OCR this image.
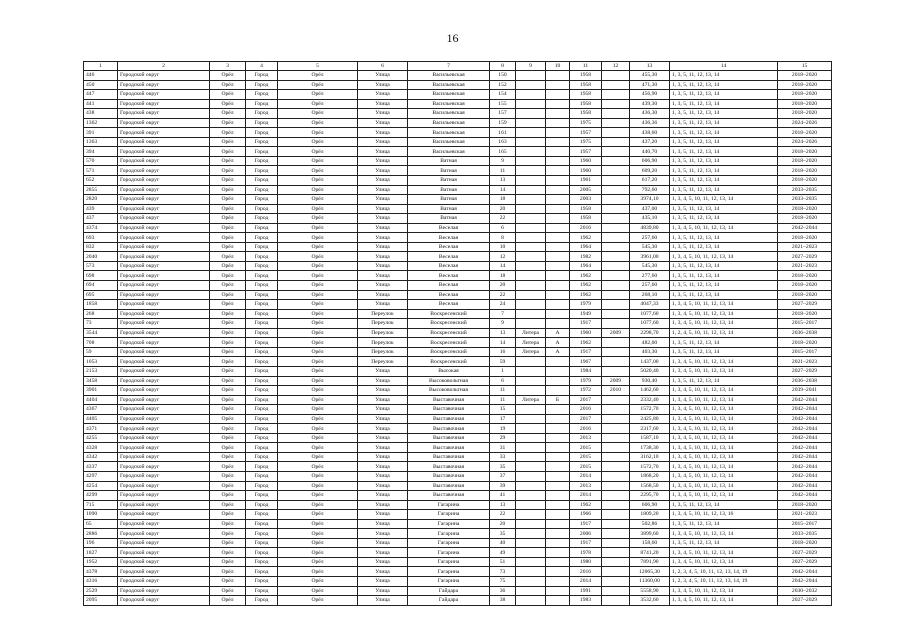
16
1	2	3	4	5	6	7	8	9	10	11	12	13	14	15
446	Городской округ	Орёл	Город	Орёл	Улица	Васильевская	150			1958		455,30	1, 3, 5, 11, 12, 13, 14	2018–2020
450	Городской округ	Орёл	Город	Орёл	Улица	Васильевская	152			1958		471,30	1, 3, 5, 11, 12, 13, 14	2018–2020
447	Городской округ	Орёл	Город	Орёл	Улица	Васильевская	154			1958		456,90	1, 3, 5, 11, 12, 13, 14	2018–2020
441	Городской округ	Орёл	Город	Орёл	Улица	Васильевская	155			1958		439,30	1, 3, 5, 11, 12, 13, 14	2018–2020
438	Городской округ	Орёл	Город	Орёл	Улица	Васильевская	157			1958		436,30	1, 3, 5, 11, 12, 13, 14	2018–2020
1362	Городской округ	Орёл	Город	Орёл	Улица	Васильевская	159			1975		436,36	1, 3, 5, 11, 12, 13, 14	2024–2026
391	Городской округ	Орёл	Город	Орёл	Улица	Васильевская	161			1957		438,60	1, 3, 5, 11, 12, 13, 14	2018–2020
1363	Городской округ	Орёл	Город	Орёл	Улица	Васильевская	163			1975		437,20	1, 3, 5, 11, 12, 13, 14	2024–2026
394	Городской округ	Орёл	Город	Орёл	Улица	Васильевская	165			1957		440,70	1, 3, 5, 11, 12, 13, 14	2018–2020
570	Городской округ	Орёл	Город	Орёл	Улица	Ватная	9			1960		606,90	1, 3, 5, 11, 12, 13, 14	2018–2020
571	Городской округ	Орёл	Город	Орёл	Улица	Ватная	11			1960		609,20	1, 3, 5, 11, 12, 13, 14	2018–2020
652	Городской округ	Орёл	Город	Орёл	Улица	Ватная	13			1961		617,20	1, 3, 5, 11, 12, 13, 14	2018–2020
2855	Городской округ	Орёл	Город	Орёл	Улица	Ватная	14			2005		792,60	1, 3, 5, 11, 12, 13, 14	2033–2035
2820	Городской округ	Орёл	Город	Орёл	Улица	Ватная	18			2003		3974,10	1, 3, 4, 5, 10, 11, 12, 13, 14	2033–2035
439	Городской округ	Орёл	Город	Орёл	Улица	Ватная	20			1958		437,00	1, 3, 5, 11, 12, 13, 14	2018–2020
437	Городской округ	Орёл	Город	Орёл	Улица	Ватная	22			1958		435,10	1, 3, 5, 11, 12, 13, 14	2018–2020
4374	Городской округ	Орёл	Город	Орёл	Улица	Веселая	6			2016		4839,80	1, 3, 4, 5, 10, 11, 12, 13, 14	2042–2044
693	Городской округ	Орёл	Город	Орёл	Улица	Веселая	8			1962		257,60	1, 3, 5, 11, 12, 13, 14	2018–2020
832	Городской округ	Орёл	Город	Орёл	Улица	Веселая	10			1964		545,30	1, 3, 5, 11, 12, 13, 14	2021–2023
2040	Городской округ	Орёл	Город	Орёл	Улица	Веселая	12			1982		3961,00	1, 3, 4, 5, 10, 11, 12, 13, 14	2027–2029
573	Городской округ	Орёл	Город	Орёл	Улица	Веселая	14			1964		545,30	1, 3, 5, 11, 12, 13, 14	2021–2023
698	Городской округ	Орёл	Город	Орёл	Улица	Веселая	18			1962		277,60	1, 3, 5, 11, 12, 13, 14	2018–2020
694	Городской округ	Орёл	Город	Орёл	Улица	Веселая	20			1962		257,60	1, 3, 5, 11, 12, 13, 14	2018–2020
695	Городской округ	Орёл	Город	Орёл	Улица	Веселая	22			1962		268,10	1, 3, 5, 11, 12, 13, 14	2018–2020
1858	Городской округ	Орёл	Город	Орёл	Улица	Веселая	24			1979		4047,33	1, 3, 4, 5, 10, 11, 12, 13, 14	2027–2029
268	Городской округ	Орёл	Город	Орёл	Переулок	Воскресенский	7			1949		1077,60	1, 3, 4, 5, 10, 11, 12, 13, 14	2018–2020
73	Городской округ	Орёл	Город	Орёл	Переулок	Воскресенский	9			1917		1077,60	1, 3, 4, 5, 10, 11, 12, 13, 14	2015–2017
3544	Городской округ	Орёл	Город	Орёл	Переулок	Воскресенский	13	Литера	А	1960	2009	2298,70	1, 2, 4, 5, 10, 11, 12, 13, 14	2036–2038
708	Городской округ	Орёл	Город	Орёл	Переулок	Воскресенский	14	Литера	А	1962		482,00	1, 3, 5, 11, 12, 13, 14	2018–2020
59	Городской округ	Орёл	Город	Орёл	Переулок	Воскресенский	16	Литера	А	1917		403,30	1, 3, 5, 11, 12, 13, 14	2015–2017
1053	Городской округ	Орёл	Город	Орёл	Переулок	Воскресенский	59			1967		1437,00	1, 3, 4, 5, 10, 11, 12, 13, 14	2021–2023
2153	Городской округ	Орёл	Город	Орёл	Улица	Высокая	1			1984		5020,40	1, 3, 4, 5, 10, 11, 12, 13, 14	2027–2029
3458	Городской округ	Орёл	Город	Орёл	Улица	Высоковольтная	6			1979	2009	930,40	1, 3, 5, 11, 12, 13, 14	2036–2038
3901	Городской округ	Орёл	Город	Орёл	Улица	Высоковольтная	11			1972	2010	1462,60	1, 3, 4, 5, 10, 11, 12, 13, 14	2039–2041
4404	Городской округ	Орёл	Город	Орёл	Улица	Выставочная	11	Литера	Б	2017		2332,40	1, 3, 4, 5, 10, 11, 12, 13, 14	2042–2044
4367	Городской округ	Орёл	Город	Орёл	Улица	Выставочная	15			2016		1572,70	1, 3, 4, 5, 10, 11, 12, 13, 14	2042–2044
4405	Городской округ	Орёл	Город	Орёл	Улица	Выставочная	17			2017		2425,80	1, 3, 4, 5, 10, 11, 12, 13, 14	2042–2044
4371	Городской округ	Орёл	Город	Орёл	Улица	Выставочная	19			2016		2317,60	1, 3, 4, 5, 10, 11, 12, 13, 14	2042–2044
4255	Городской округ	Орёл	Город	Орёл	Улица	Выставочная	29			2013		1587,10	1, 3, 4, 5, 10, 11, 12, 13, 14	2042–2044
4328	Городской округ	Орёл	Город	Орёл	Улица	Выставочная	31			2015		1738,30	1, 3, 4, 5, 10, 11, 12, 13, 14	2042–2044
4342	Городской округ	Орёл	Город	Орёл	Улица	Выставочная	33			2015		3162,10	1, 3, 4, 5, 10, 11, 12, 13, 14	2042–2044
4337	Городской округ	Орёл	Город	Орёл	Улица	Выставочная	35			2015		1572,70	1, 3, 4, 5, 10, 11, 12, 13, 14	2042–2044
4297	Городской округ	Орёл	Город	Орёл	Улица	Выставочная	37			2014		1868,20	1, 3, 4, 5, 10, 11, 12, 13, 14	2042–2044
4254	Городской округ	Орёл	Город	Орёл	Улица	Выставочная	39			2013		1568,50	1, 3, 4, 5, 10, 11, 12, 13, 14	2042–2044
4299	Городской округ	Орёл	Город	Орёл	Улица	Выставочная	41			2014		2295,70	1, 3, 4, 5, 10, 11, 12, 13, 14	2042–2044
715	Городской округ	Орёл	Город	Орёл	Улица	Гагарина	13			1962		606,90	1, 3, 5, 11, 12, 13, 14	2018–2020
1090	Городской округ	Орёл	Город	Орёл	Улица	Гагарина	22			1966		1809,20	1, 3, 4, 5, 10, 11, 12, 13, 16	2021–2023
65	Городской округ	Орёл	Город	Орёл	Улица	Гагарина	20			1917		502,86	1, 3, 5, 11, 12, 13, 14	2015–2017
2886	Городской округ	Орёл	Город	Орёл	Улица	Гагарина	35			2006		3899,60	1, 3, 4, 5, 10, 11, 12, 13, 14	2033–2035
196	Городской округ	Орёл	Город	Орёл	Улица	Гагарина	40			1917		158,60	1, 3, 5, 11, 12, 13, 14	2018–2020
1827	Городской округ	Орёл	Город	Орёл	Улица	Гагарина	49			1978		8741,20	1, 3, 4, 5, 10, 11, 12, 13, 14	2027–2029
1952	Городской округ	Орёл	Город	Орёл	Улица	Гагарина	51			1980		7891,90	1, 3, 4, 5, 10, 11, 12, 13, 14	2027–2029
4378	Городской округ	Орёл	Город	Орёл	Улица	Гагарина	73			2016		12065,30	1, 2, 3, 4, 5, 10, 11, 12, 13, 14, 19	2042–2044
4316	Городской округ	Орёл	Город	Орёл	Улица	Гагарина	75			2014		11360,00	1, 2, 3, 4, 5, 10, 11, 12, 13, 14, 19	2042–2044
2529	Городской округ	Орёл	Город	Орёл	Улица	Гайдара	36			1991		5558,90	1, 3, 4, 5, 10, 11, 12, 13, 14	2030–2032
2095	Городской округ	Орёл	Город	Орёл	Улица	Гайдара	38			1983		3532,60	1, 3, 4, 5, 10, 11, 12, 13, 14	2027–2029
